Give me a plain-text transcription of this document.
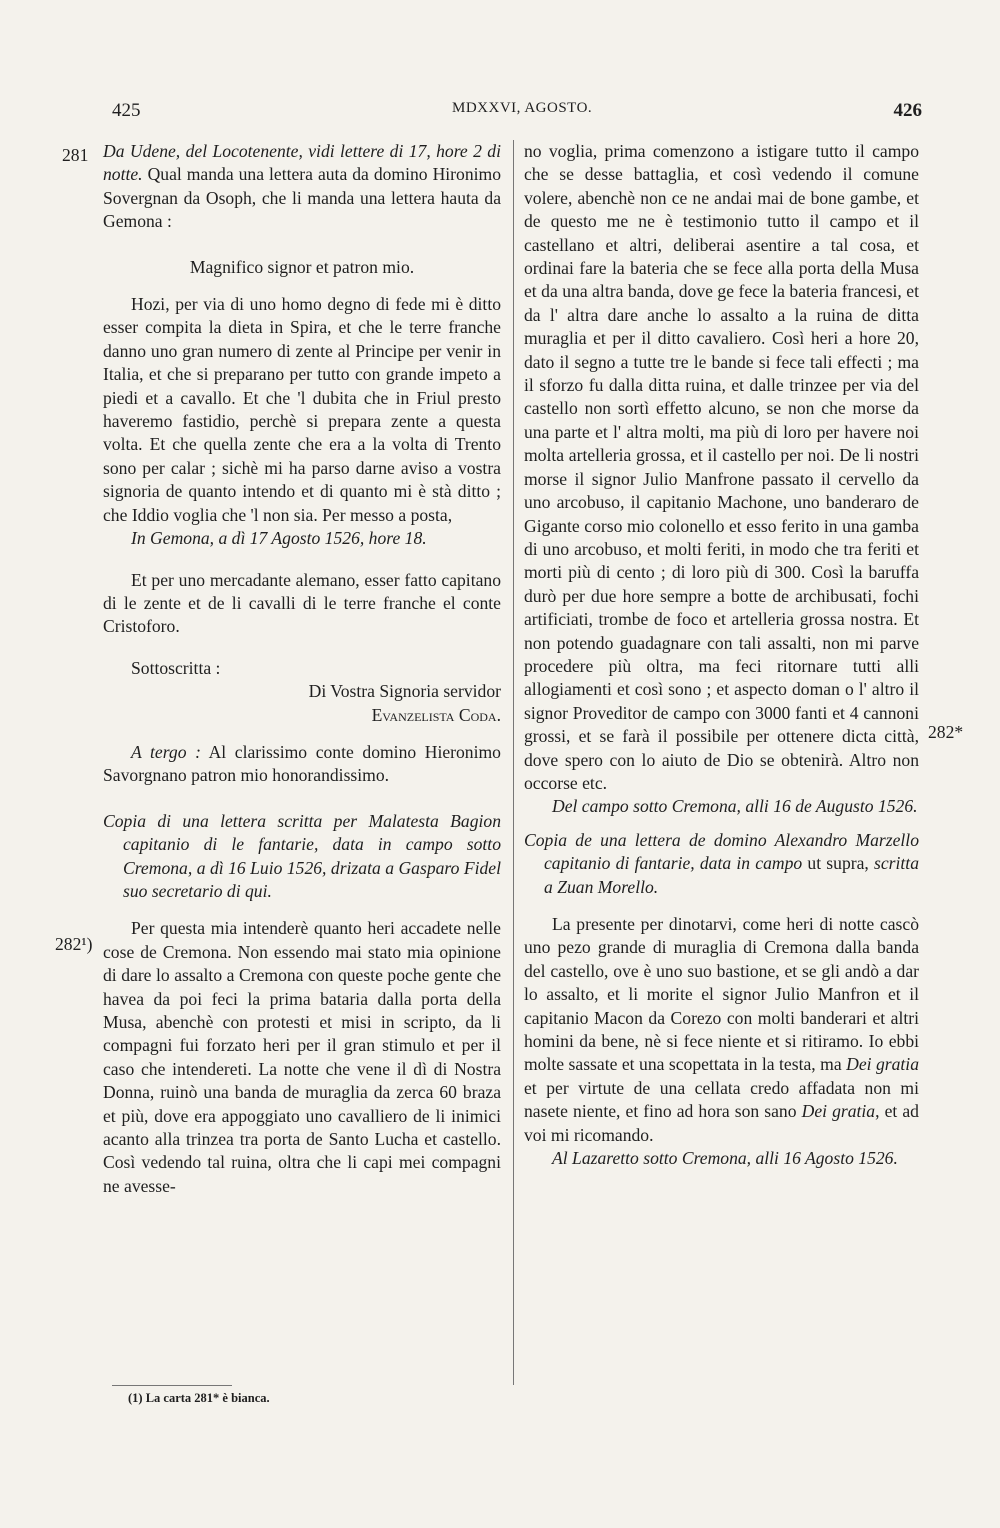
425	MDXXVI, AGOSTO.	426
281
282¹)
282*

Da Udene, del Locotenente, vidi lettere di 17, hore 2 di notte. Qual manda una lettera auta da domino Hironimo Sovergnan da Osoph, che li manda una lettera hauta da Gemona :

Magnifico signor et patron mio.

Hozi, per via di uno homo degno di fede mi è ditto esser compita la dieta in Spira, et che le terre franche danno uno gran numero di zente al Principe per venir in Italia, et che si preparano per tutto con grande impeto a piedi et a cavallo. Et che 'l dubita che in Friul presto haveremo fastidio, perchè si prepara zente a questa volta. Et che quella zente che era a la volta di Trento sono per calar ; sichè mi ha parso darne aviso a vostra signoria de quanto intendo et di quanto mi è stà ditto ; che Iddio voglia che 'l non sia. Per messo a posta,

In Gemona, a dì 17 Agosto 1526, hore 18.

Et per uno mercadante alemano, esser fatto capitano di le zente et de li cavalli di le terre franche el conte Cristoforo.

Sottoscritta :

Di Vostra Signoria servidor

Evanzelista Coda.

A tergo : Al clarissimo conte domino Hieronimo Savorgnano patron mio honorandissimo.

Copia di una lettera scritta per Malatesta Bagion capitanio di le fantarie, data in campo sotto Cremona, a dì 16 Luio 1526, drizata a Gasparo Fidel suo secretario di qui.

Per questa mia intenderè quanto heri accadete nelle cose de Cremona. Non essendo mai stato mia opinione di dare lo assalto a Cremona con queste poche gente che havea da poi feci la prima bataria dalla porta della Musa, abenchè con protesti et misi in scripto, da li compagni fui forzato heri per il gran stimulo et per il caso che intendereti. La notte che vene il dì di Nostra Donna, ruinò una banda de muraglia da zerca 60 braza et più, dove era appoggiato uno cavalliero de li inimici acanto alla trinzea tra porta de Santo Lucha et castello. Così vedendo tal ruina, oltra che li capi mei compagni ne avesse-

(1) La carta 281* è bianca.

no voglia, prima comenzono a istigare tutto il campo che se desse battaglia, et così vedendo il comune volere, abenchè non ce ne andai mai de bone gambe, et de questo me ne è testimonio tutto il campo et il castellano et altri, deliberai asentire a tal cosa, et ordinai fare la bateria che se fece alla porta della Musa et da una altra banda, dove ge fece la bateria francesi, et da l' altra dare anche lo assalto a la ruina de ditta muraglia et per il ditto cavaliero. Così heri a hore 20, dato il segno a tutte tre le bande si fece tali effecti ; ma il sforzo fu dalla ditta ruina, et dalle trinzee per via del castello non sortì effetto alcuno, se non che morse da una parte et l' altra molti, ma più di loro per havere noi molta artelleria grossa, et il castello per noi. De li nostri morse il signor Julio Manfrone passato il cervello da uno arcobuso, il capitanio Machone, uno banderaro de Gigante corso mio colonello et esso ferito in una gamba di uno arcobuso, et molti feriti, in modo che tra feriti et morti più di cento ; di loro più di 300. Così la baruffa durò per due hore sempre a botte de archibusati, fochi artificiati, trombe de foco et artelleria grossa nostra. Et non potendo guadagnare con tali assalti, non mi parve procedere più oltra, ma feci ritornare tutti alli allogiamenti et così sono ; et aspecto doman o l' altro il signor Proveditor de campo con 3000 fanti et 4 cannoni grossi, et se farà il possibile per ottenere dicta città, dove spero con lo aiuto de Dio se obtenirà. Altro non occorse etc.

Del campo sotto Cremona, alli 16 de Augusto 1526.

Copia de una lettera de domino Alexandro Marzello capitanio di fantarie, data in campo ut supra, scritta a Zuan Morello.

La presente per dinotarvi, come heri di notte cascò uno pezo grande di muraglia di Cremona dalla banda del castello, ove è uno suo bastione, et se gli andò a dar lo assalto, et li morite el signor Julio Manfron et il capitanio Macon da Corezo con molti banderari et altri homini da bene, nè si fece niente et si ritiramo. Io ebbi molte sassate et una scopettata in la testa, ma Dei gratia et per virtute de una cellata credo affadata non mi nasete niente, et fino ad hora son sano Dei gratia, et ad voi mi ricomando.

Al Lazaretto sotto Cremona, alli 16 Agosto 1526.
